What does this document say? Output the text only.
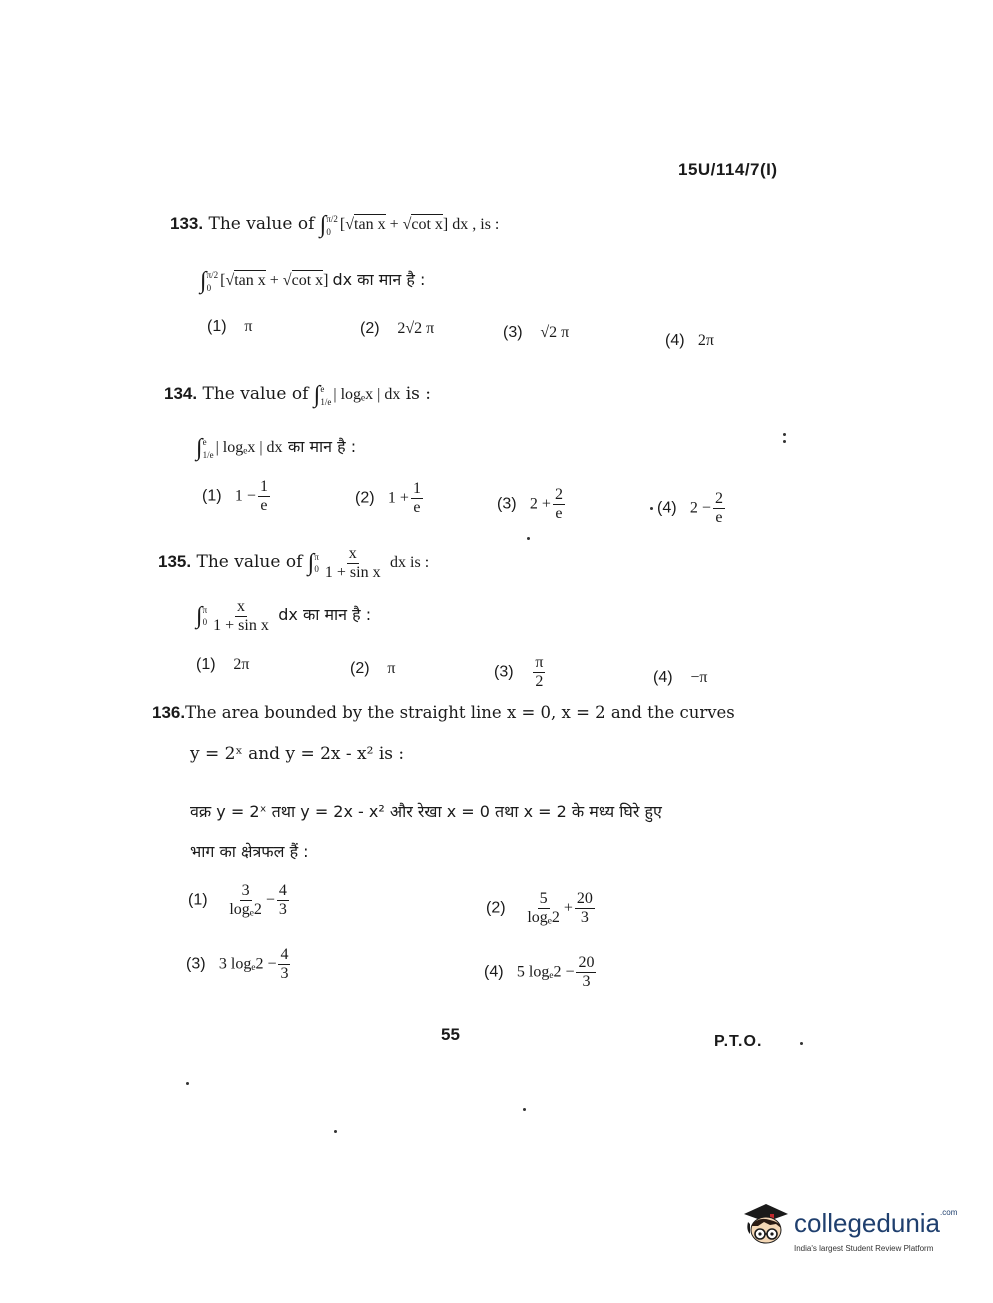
15U/114/7(I)
133. The value of ∫ π/2
0 [√tan x + √cot x] dx , is :
∫ π/2
0 [√tan x + √cot x] dx का मान है :
(1) π	(2) 2√2 π	(3) √2 π	(4) 2π
134. The value of ∫ e
1/e | logₑx | dx is :
∫ e
1/e | logₑx | dx का मान है :
(1) $1 - \frac{1}{e}$	(2) $1 + \frac{1}{e}$	(3) $2 + \frac{2}{e}$	(4) $2 - \frac{2}{e}$
135. The value of ∫ π
$0 \frac{x}{\text{1 + sin x}}$ dx is :
∫ π
$0 \frac{x}{\text{1 + sin x}}$ dx का मान है :
(1) 2π	(2) π	$(3) \frac{\pi}{2}$	(4) −π
136.The area bounded by the straight line x = 0, x = 2 and the curves
y = 2ˣ and y = 2x - x² is :
वक्र y = 2ˣ तथा y = 2x - x² और रेखा x = 0 तथा x = 2 के मध्य घिरे हुए
भाग का क्षेत्रफल हैं :
$(1) \frac{3}{\text{logₑ2}} - \frac{4}{3}$	$(2) \frac{5}{\text{logₑ2}} + \frac{20}{3}$
(3) 3 $\log_e2 - \frac{4}{3}$	(4) 5 $\log_e2 - \frac{20}{3}$
55	P.T.O.
collegedunia$^{.com}$
India's largest Student Review Platform
